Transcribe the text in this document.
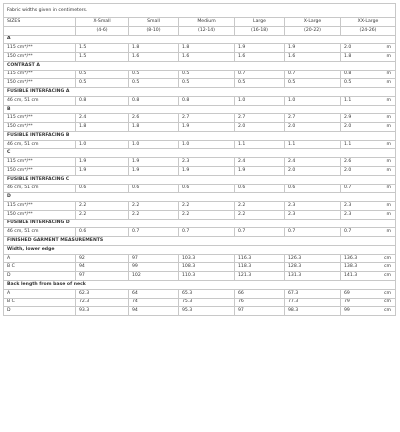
Fabric widths given in centimeters.						
SIZES	X-Small	Small	Medium	Large	X-Large	XX-Large
	(4-6)	(8-10)	(12-14)	(16-18)	(20-22)	(24-26)
A						
115 cm*/**	1.5	1.8	1.8	1.9	1.9	2.0 m

150 cm*/**	1.5	1.6	1.6	1.6	1.6	1.8 m

CONTRAST A						
115 cm*/**	0.5	0.5	0.5	0.7	0.7	0.8 m

150 cm*/**	0.5	0.5	0.5	0.5	0.5	0.5 m

FUSIBLE INTERFACING A						
46 cm, 51 cm	0.8	0.8	0.8	1.0	1.0	1.1 m

B						
115 cm*/**	2.4	2.6	2.7	2.7	2.7	2.9 m

150 cm*/**	1.8	1.8	1.9	2.0	2.0	2.0 m

FUSIBLE INTERFACING B						
46 cm, 51 cm	1.0	1.0	1.0	1.1	1.1	1.1 m

C						
115 cm*/**	1.9	1.9	2.3	2.4	2.4	2.6 m

150 cm*/**	1.9	1.9	1.9	1.9	2.0	2.0 m

FUSIBLE INTERFACING C						
46 cm, 51 cm	0.6	0.6	0.6	0.6	0.6	0.7 m

D						
115 cm*/**	2.2	2.2	2.2	2.2	2.3	2.3 m

150 cm*/**	2.2	2.2	2.2	2.2	2.3	2.3 m

FUSIBLE INTERFACING D						
46 cm, 51 cm	0.6	0.7	0.7	0.7	0.7	0.7 m

FINISHED GARMENT MEASUREMENTS						
Width, lower edge						
A	92	97	103.3	116.3	126.3	136.3 cm

B C	94	99	108.3	118.3	128.3	138.3 cm

D	97	102	110.3	121.3	131.3	141.3 cm

Back length from base of neck						
A	62.3	64	65.3	66	67.3	69 cm

B C	72.3	74	75.3	76	77.3	79 cm

D	93.3	94	95.3	97	98.3	99 cm
